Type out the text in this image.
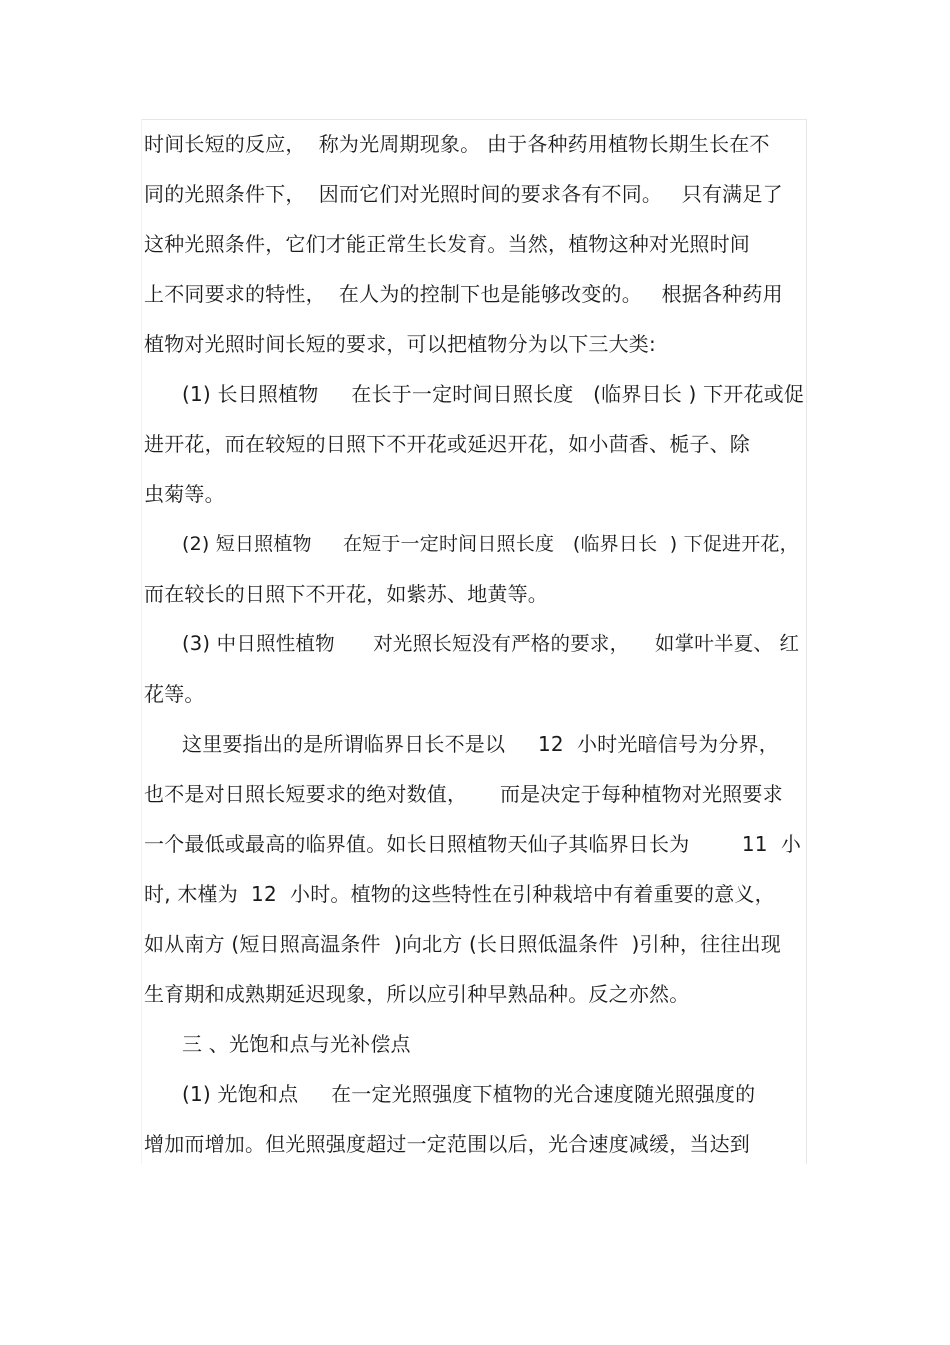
时间长短的反应，  称为光周期现象。 由于各种药用植物长期生长在不
同的光照条件下，  因而它们对光照时间的要求各有不同。   只有满足了
这种光照条件，它们才能正常生长发育。当然，植物这种对光照时间
上不同要求的特性，  在人为的控制下也是能够改变的。   根据各种药用
植物对光照时间长短的要求，可以把植物分为以下三大类:
(1) 长日照植物     在长于一定时间日照长度   (临界日长 ) 下开花或促
进开花，而在较短的日照下不开花或延迟开花，如小茴香、栀子、除
虫菊等。
(2) 短日照植物     在短于一定时间日照长度   (临界日长  ) 下促进开花，
而在较长的日照下不开花，如紫苏、地黄等。
(3) 中日照性植物      对光照长短没有严格的要求，    如掌叶半夏、 红
花等。
这里要指出的是所谓临界日长不是以     12  小时光暗信号为分界，
也不是对日照长短要求的绝对数值，     而是决定于每种植物对光照要求
一个最低或最高的临界值。如长日照植物天仙子其临界日长为        11  小
时, 木槿为  12  小时。植物的这些特性在引种栽培中有着重要的意义，
如从南方 (短日照高温条件  )向北方 (长日照低温条件  )引种，往往出现
生育期和成熟期延迟现象，所以应引种早熟品种。反之亦然。
三 、光饱和点与光补偿点
(1) 光饱和点     在一定光照强度下植物的光合速度随光照强度的
增加而增加。但光照强度超过一定范围以后，光合速度减缓，当达到
